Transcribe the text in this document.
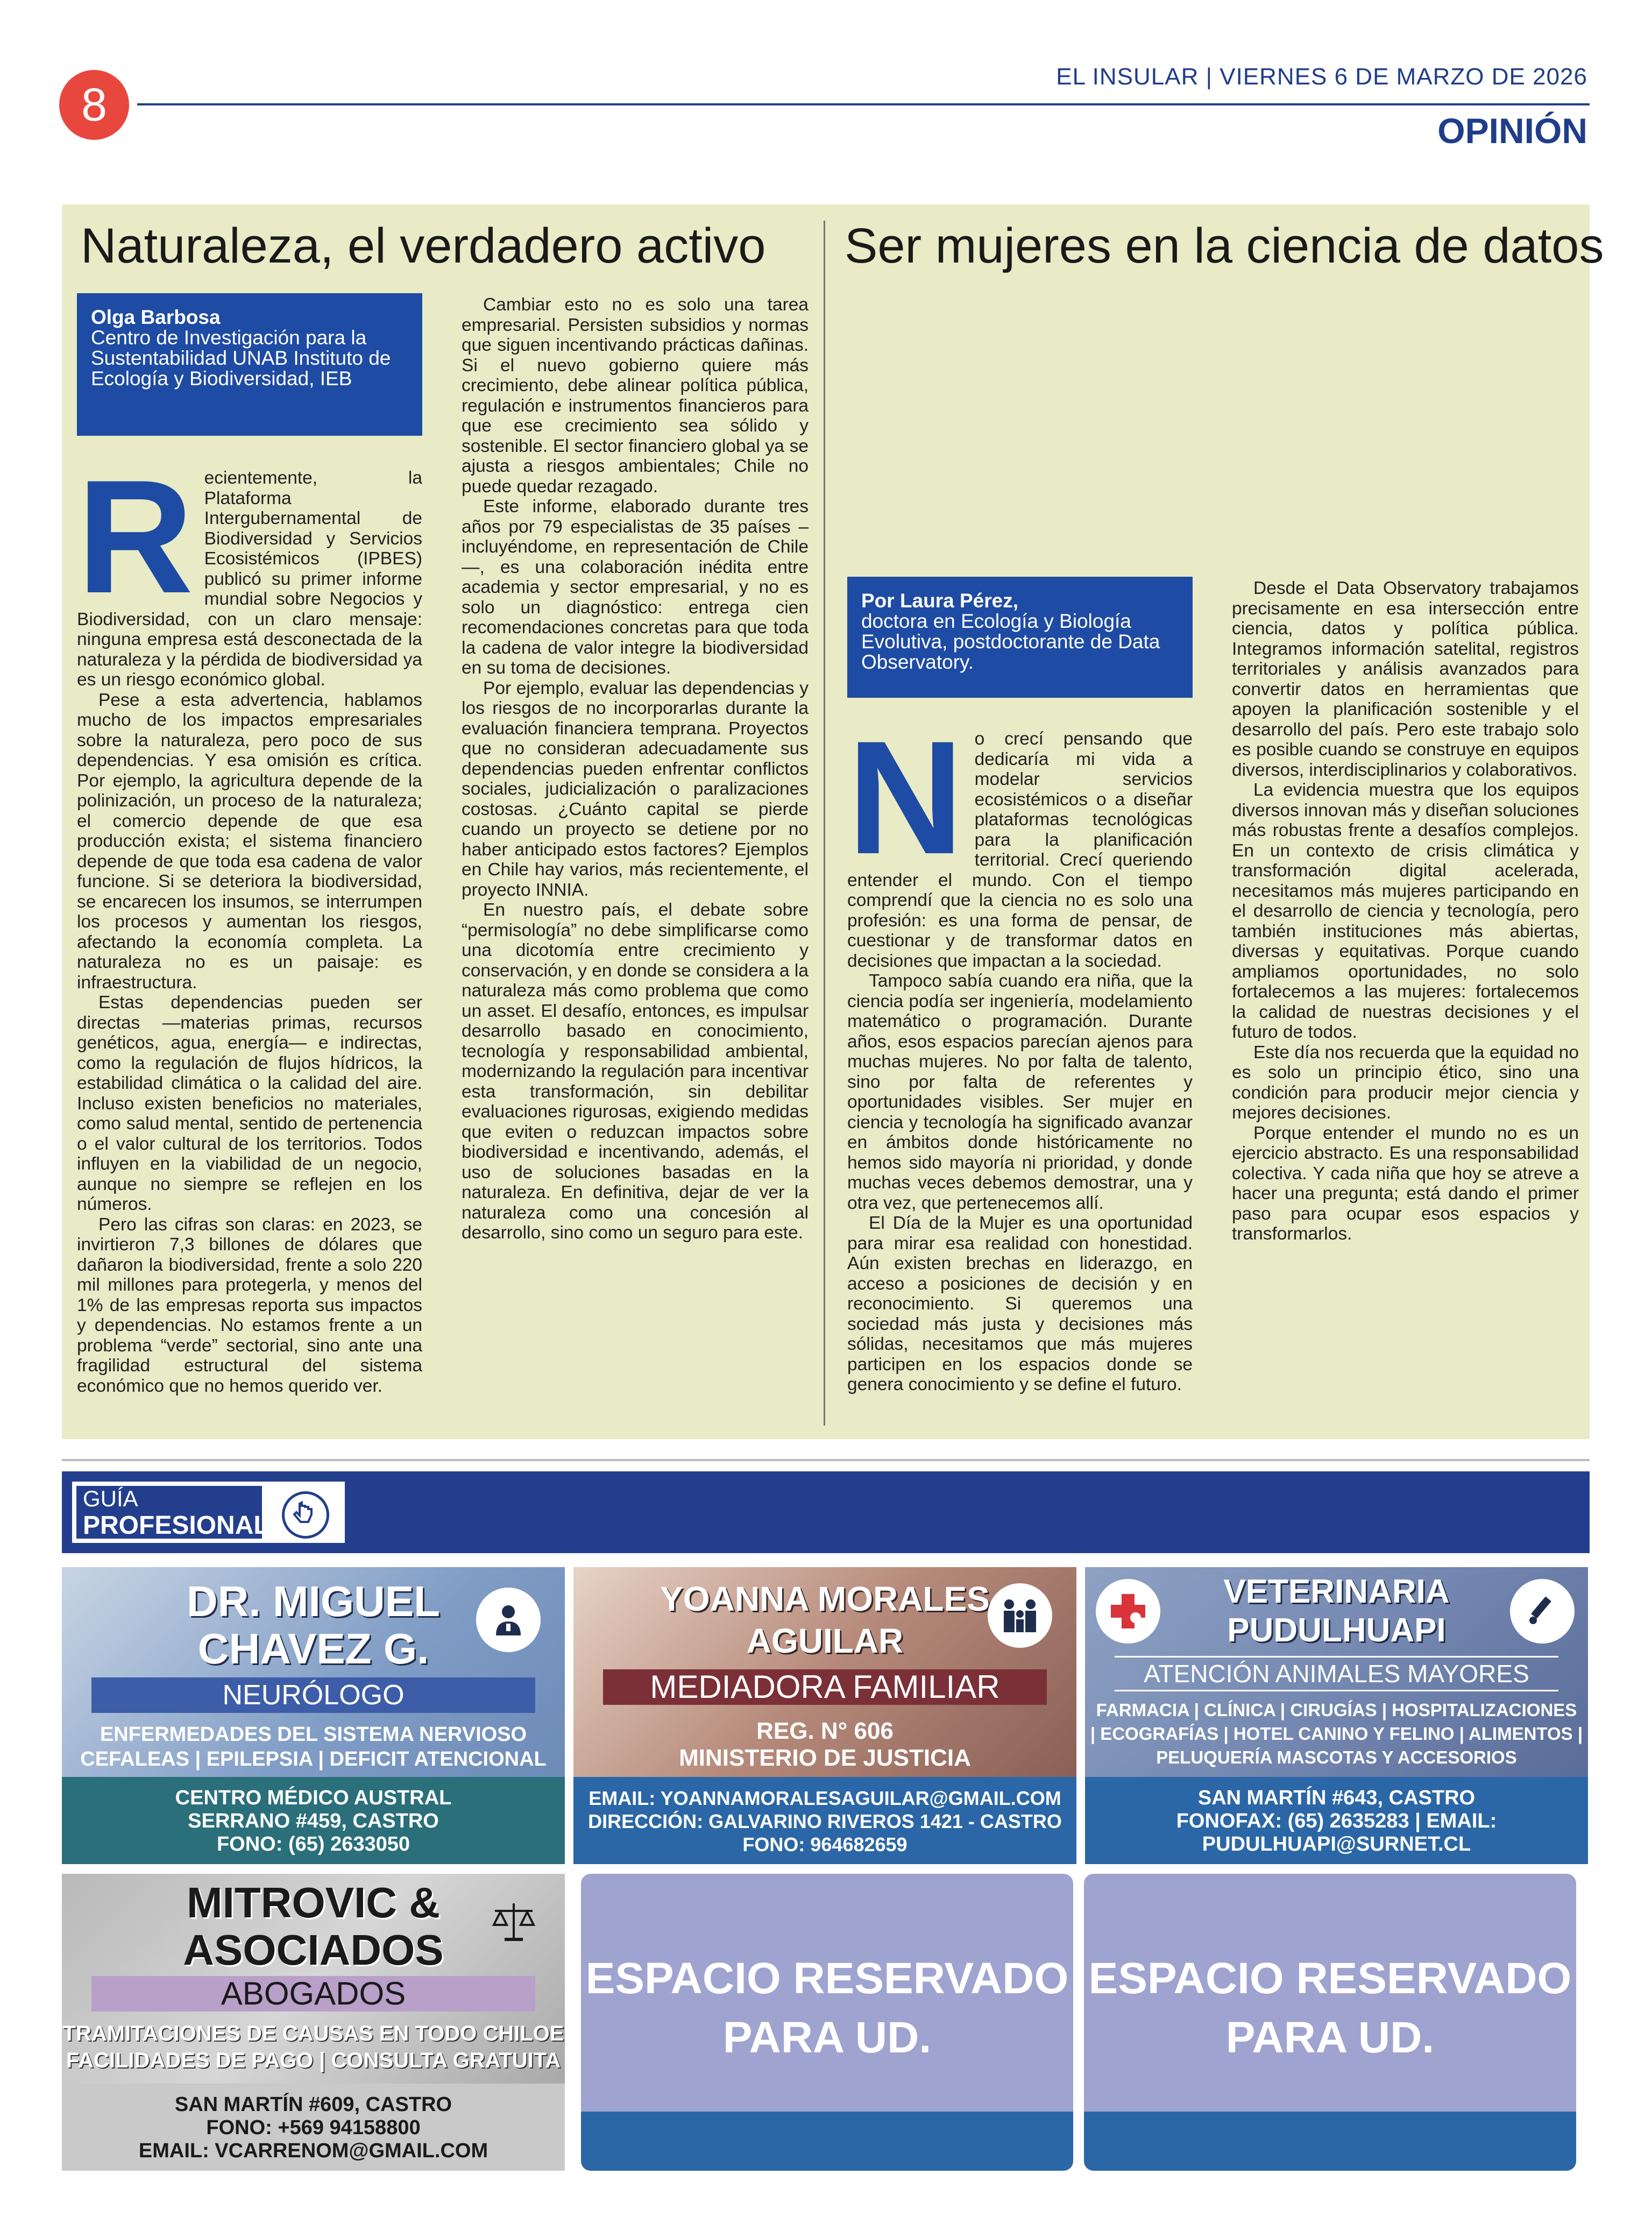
8
EL INSULAR | VIERNES 6 DE MARZO DE 2026
OPINIÓN
Naturaleza, el verdadero activo
Olga Barbosa
Centro de Investigación para la Sustentabilidad UNAB Instituto de Ecología y Biodiversidad, IEB
R ecientemente, la Plataforma Intergubernamental de Biodiversidad y Servicios Ecosistémicos (IPBES) publicó su primer informe mundial sobre Negocios y Biodiversidad, con un claro mensaje: ninguna empresa está desconectada de la naturaleza y la pérdida de biodiversidad ya es un riesgo económico global.

Pese a esta advertencia, hablamos mucho de los impactos empresariales sobre la naturaleza, pero poco de sus dependencias. Y esa omisión es crítica. Por ejemplo, la agricultura depende de la polinización, un proceso de la naturaleza; el comercio depende de que esa producción exista; el sistema financiero depende de que toda esa cadena de valor funcione. Si se deteriora la biodiversidad, se encarecen los insumos, se interrumpen los procesos y aumentan los riesgos, afectando la economía completa. La naturaleza no es un paisaje: es infraestructura.

Estas dependencias pueden ser directas —materias primas, recursos genéticos, agua, energía— e indirectas, como la regulación de flujos hídricos, la estabilidad climática o la calidad del aire. Incluso existen beneficios no materiales, como salud mental, sentido de pertenencia o el valor cultural de los territorios. Todos influyen en la viabilidad de un negocio, aunque no siempre se reflejen en los números.

Pero las cifras son claras: en 2023, se invirtieron 7,3 billones de dólares que dañaron la biodiversidad, frente a solo 220 mil millones para protegerla, y menos del 1% de las empresas reporta sus impactos y dependencias. No estamos frente a un problema “verde” sectorial, sino ante una fragilidad estructural del sistema económico que no hemos querido ver.

Cambiar esto no es solo una tarea empresarial. Persisten subsidios y normas que siguen incentivando prácticas dañinas. Si el nuevo gobierno quiere más crecimiento, debe alinear política pública, regulación e instrumentos financieros para que ese crecimiento sea sólido y sostenible. El sector financiero global ya se ajusta a riesgos ambientales; Chile no puede quedar rezagado.

Este informe, elaborado durante tres años por 79 especialistas de 35 países –incluyéndome, en representación de Chile—, es una colaboración inédita entre academia y sector empresarial, y no es solo un diagnóstico: entrega cien recomendaciones concretas para que toda la cadena de valor integre la biodiversidad en su toma de decisiones.

Por ejemplo, evaluar las dependencias y los riesgos de no incorporarlas durante la evaluación financiera temprana. Proyectos que no consideran adecuadamente sus dependencias pueden enfrentar conflictos sociales, judicialización o paralizaciones costosas. ¿Cuánto capital se pierde cuando un proyecto se detiene por no haber anticipado estos factores? Ejemplos en Chile hay varios, más recientemente, el proyecto INNIA.

En nuestro país, el debate sobre “permisología” no debe simplificarse como una dicotomía entre crecimiento y conservación, y en donde se considera a la naturaleza más como problema que como un asset. El desafío, entonces, es impulsar desarrollo basado en conocimiento, tecnología y responsabilidad ambiental, modernizando la regulación para incentivar esta transformación, sin debilitar evaluaciones rigurosas, exigiendo medidas que eviten o reduzcan impactos sobre biodiversidad e incentivando, además, el uso de soluciones basadas en la naturaleza. En definitiva, dejar de ver la naturaleza como una concesión al desarrollo, sino como un seguro para este.

Ser mujeres en la ciencia de datos
Por Laura Pérez,
doctora en Ecología y Biología Evolutiva, postdoctorante de Data Observatory.
N o crecí pensando que dedicaría mi vida a modelar servicios ecosistémicos o a diseñar plataformas tecnológicas para la planificación territorial. Crecí queriendo entender el mundo. Con el tiempo comprendí que la ciencia no es solo una profesión: es una forma de pensar, de cuestionar y de transformar datos en decisiones que impactan a la sociedad.

Tampoco sabía cuando era niña, que la ciencia podía ser ingeniería, modelamiento matemático o programación. Durante años, esos espacios parecían ajenos para muchas mujeres. No por falta de talento, sino por falta de referentes y oportunidades visibles. Ser mujer en ciencia y tecnología ha significado avanzar en ámbitos donde históricamente no hemos sido mayoría ni prioridad, y donde muchas veces debemos demostrar, una y otra vez, que pertenecemos allí.

El Día de la Mujer es una oportunidad para mirar esa realidad con honestidad. Aún existen brechas en liderazgo, en acceso a posiciones de decisión y en reconocimiento. Si queremos una sociedad más justa y decisiones más sólidas, necesitamos que más mujeres participen en los espacios donde se genera conocimiento y se define el futuro.

Desde el Data Observatory trabajamos precisamente en esa intersección entre ciencia, datos y política pública. Integramos información satelital, registros territoriales y análisis avanzados para convertir datos en herramientas que apoyen la planificación sostenible y el desarrollo del país. Pero este trabajo solo es posible cuando se construye en equipos diversos, interdisciplinarios y colaborativos.

La evidencia muestra que los equipos diversos innovan más y diseñan soluciones más robustas frente a desafíos complejos. En un contexto de crisis climática y transformación digital acelerada, necesitamos más mujeres participando en el desarrollo de ciencia y tecnología, pero también instituciones más abiertas, diversas y equitativas. Porque cuando ampliamos oportunidades, no solo fortalecemos a las mujeres: fortalecemos la calidad de nuestras decisiones y el futuro de todos.

Este día nos recuerda que la equidad no es solo un principio ético, sino una condición para producir mejor ciencia y mejores decisiones.

Porque entender el mundo no es un ejercicio abstracto. Es una responsabilidad colectiva. Y cada niña que hoy se atreve a hacer una pregunta; está dando el primer paso para ocupar esos espacios y transformarlos.

GUÍA
PROFESIONAL
DR. MIGUEL
CHAVEZ G.
NEURÓLOGO
ENFERMEDADES DEL SISTEMA NERVIOSO
CEFALEAS | EPILEPSIA | DEFICIT ATENCIONAL
CENTRO MÉDICO AUSTRAL
SERRANO #459, CASTRO
FONO: (65) 2633050
YOANNA MORALES
AGUILAR
MEDIADORA FAMILIAR
REG. N° 606
MINISTERIO DE JUSTICIA
EMAIL: YOANNAMORALESAGUILAR@GMAIL.COM
DIRECCIÓN: GALVARINO RIVEROS 1421 - CASTRO
FONO: 964682659
VETERINARIA
PUDULHUAPI
ATENCIÓN ANIMALES MAYORES
FARMACIA | CLÍNICA | CIRUGÍAS | HOSPITALIZACIONES
| ECOGRAFÍAS | HOTEL CANINO Y FELINO | ALIMENTOS |
PELUQUERÍA MASCOTAS Y ACCESORIOS
SAN MARTÍN #643, CASTRO
FONOFAX: (65) 2635283 | EMAIL:
PUDULHUAPI@SURNET.CL
MITROVIC &
ASOCIADOS
ABOGADOS
TRAMITACIONES DE CAUSAS EN TODO CHILOE
FACILIDADES DE PAGO | CONSULTA GRATUITA
SAN MARTÍN #609, CASTRO
FONO: +569 94158800
EMAIL: VCARRENOM@GMAIL.COM
ESPACIO RESERVADO
PARA UD.
ESPACIO RESERVADO
PARA UD.
